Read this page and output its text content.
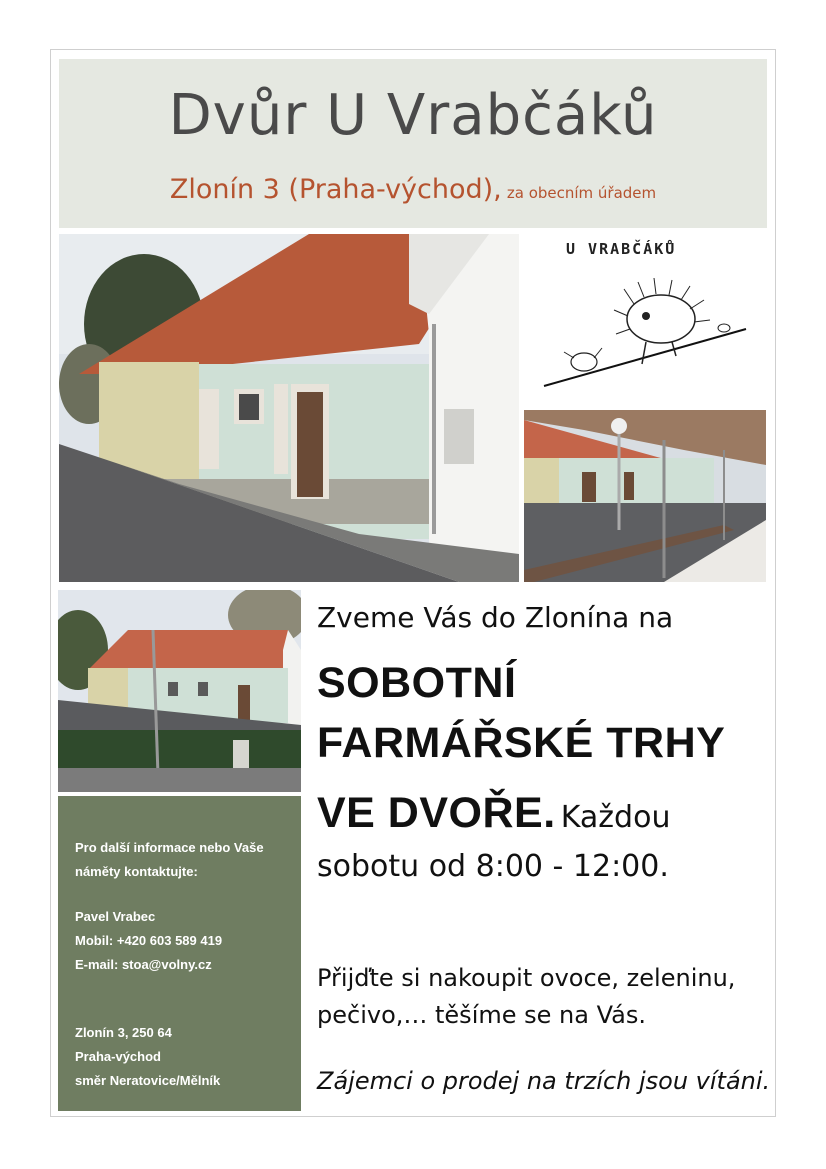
Dvůr U Vrabčáků
Zlonín 3 (Praha-východ), za obecním úřadem
U VRABČÁKŮ
Pro další informace nebo Vaše
náměty kontaktujte:
Pavel Vrabec
Mobil: +420 603 589 419
E-mail: stoa@volny.cz
Zlonín 3, 250 64
Praha-východ
směr Neratovice/Mělník
Zveme Vás do Zlonína na
SOBOTNÍ
FARMÁŘSKÉ TRHY
VE DVOŘE. Každou
sobotu od 8:00 - 12:00.
Přijďte si nakoupit ovoce, zeleninu,
pečivo,… těšíme se na Vás.
Zájemci o prodej na trzích jsou vítáni.
